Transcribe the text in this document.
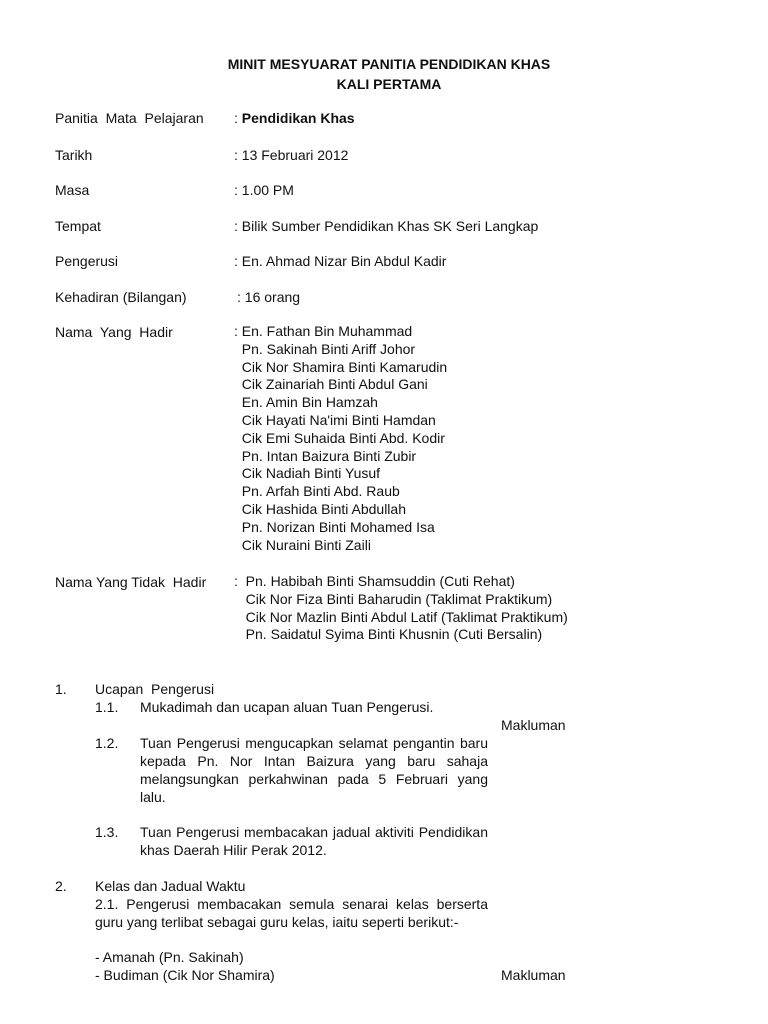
MINIT MESYUARAT PANITIA PENDIDIKAN KHAS
KALI PERTAMA
Panitia  Mata  Pelajaran : Pendidikan Khas
Tarikh	: 13 Februari 2012
Masa	: 1.00 PM
Tempat	: Bilik Sumber Pendidikan Khas SK Seri Langkap
Pengerusi	: En. Ahmad Nizar Bin Abdul Kadir
Kehadiran (Bilangan)	: 16 orang
Nama  Yang  Hadir	: En. Fathan Bin Muhammad
Pn. Sakinah Binti Ariff Johor
Cik Nor Shamira Binti Kamarudin
Cik Zainariah Binti Abdul Gani
En. Amin Bin Hamzah
Cik Hayati Na'imi Binti Hamdan
Cik Emi Suhaida Binti Abd. Kodir
Pn. Intan Baizura Binti Zubir
Cik Nadiah Binti Yusuf
Pn. Arfah Binti Abd. Raub
Cik Hashida Binti Abdullah
Pn. Norizan Binti Mohamed Isa
Cik Nuraini Binti Zaili
Nama Yang Tidak  Hadir :  Pn. Habibah Binti Shamsuddin (Cuti Rehat)
Cik Nor Fiza Binti Baharudin (Taklimat Praktikum)
Cik Nor Mazlin Binti Abdul Latif (Taklimat Praktikum)
Pn. Saidatul Syima Binti Khusnin (Cuti Bersalin)
1. Ucapan  Pengerusi
1.1. Mukadimah dan ucapan aluan Tuan Pengerusi.
Makluman
1.2. Tuan Pengerusi mengucapkan selamat pengantin baru kepada Pn. Nor Intan Baizura yang baru sahaja melangsungkan perkahwinan pada 5 Februari yang lalu.
1.3. Tuan Pengerusi membacakan jadual aktiviti Pendidikan khas Daerah Hilir Perak 2012.
2. Kelas dan Jadual Waktu
2.1. Pengerusi membacakan semula senarai kelas berserta guru yang terlibat sebagai guru kelas, iaitu seperti berikut:-
- Amanah (Pn. Sakinah)
- Budiman (Cik Nor Shamira)	Makluman
